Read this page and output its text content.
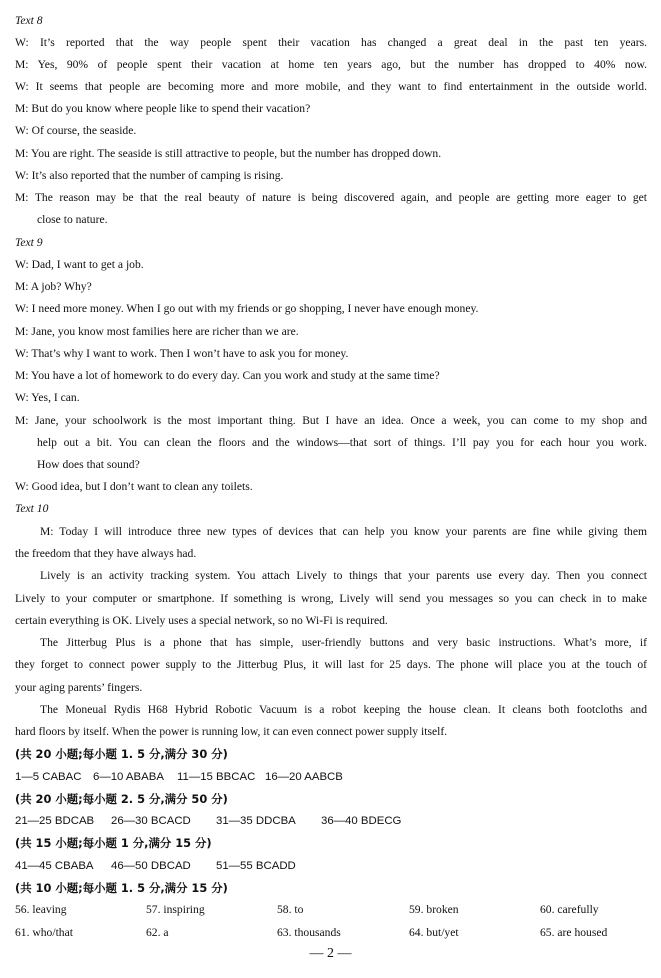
Text 8
W: It’s reported that the way people spent their vacation has changed a great deal in the past ten years.
M: Yes, 90% of people spent their vacation at home ten years ago, but the number has dropped to 40% now.
W: It seems that people are becoming more and more mobile, and they want to find entertainment in the outside world.
M: But do you know where people like to spend their vacation?
W: Of course, the seaside.
M: You are right. The seaside is still attractive to people, but the number has dropped down.
W: It’s also reported that the number of camping is rising.
M: The reason may be that the real beauty of nature is being discovered again, and people are getting more eager to get
close to nature.
Text 9
W: Dad, I want to get a job.
M: A job? Why?
W: I need more money. When I go out with my friends or go shopping, I never have enough money.
M: Jane, you know most families here are richer than we are.
W: That’s why I want to work. Then I won’t have to ask you for money.
M: You have a lot of homework to do every day. Can you work and study at the same time?
W: Yes, I can.
M: Jane, your schoolwork is the most important thing. But I have an idea. Once a week, you can come to my shop and
help out a bit. You can clean the floors and the windows—that sort of things. I’ll pay you for each hour you work.
How does that sound?
W: Good idea, but I don’t want to clean any toilets.
Text 10
M: Today I will introduce three new types of devices that can help you know your parents are fine while giving them
the freedom that they have always had.
Lively is an activity tracking system. You attach Lively to things that your parents use every day. Then you connect
Lively to your computer or smartphone. If something is wrong, Lively will send you messages so you can check in to make
certain everything is OK. Lively uses a special network, so no Wi-Fi is required.
The Jitterbug Plus is a phone that has simple, user-friendly buttons and very basic instructions. What’s more, if
they forget to connect power supply to the Jitterbug Plus, it will last for 25 days. The phone will place you at the touch of
your aging parents’ fingers.
The Moneual Rydis H68 Hybrid Robotic Vacuum is a robot keeping the house clean. It cleans both footcloths and
hard floors by itself. When the power is running low, it can even connect power supply itself.
(共 20 小题;每小题 1. 5 分,满分 30 分)
1—5 CABAC 6—10 ABABA 11—15 BBCAC 16—20 AABCB
(共 20 小题;每小题 2. 5 分,满分 50 分)
21—25 BDCAB 26—30 BCACD 31—35 DDCBA 36—40 BDECG
(共 15 小题;每小题 1 分,满分 15 分)
41—45 CBABA 46—50 DBCAD 51—55 BCADD
(共 10 小题;每小题 1. 5 分,满分 15 分)
56. leaving	57. inspiring	58. to	59. broken	60. carefully
61. who/that	62. a	63. thousands	64. but/yet	65. are housed
— 2 —
